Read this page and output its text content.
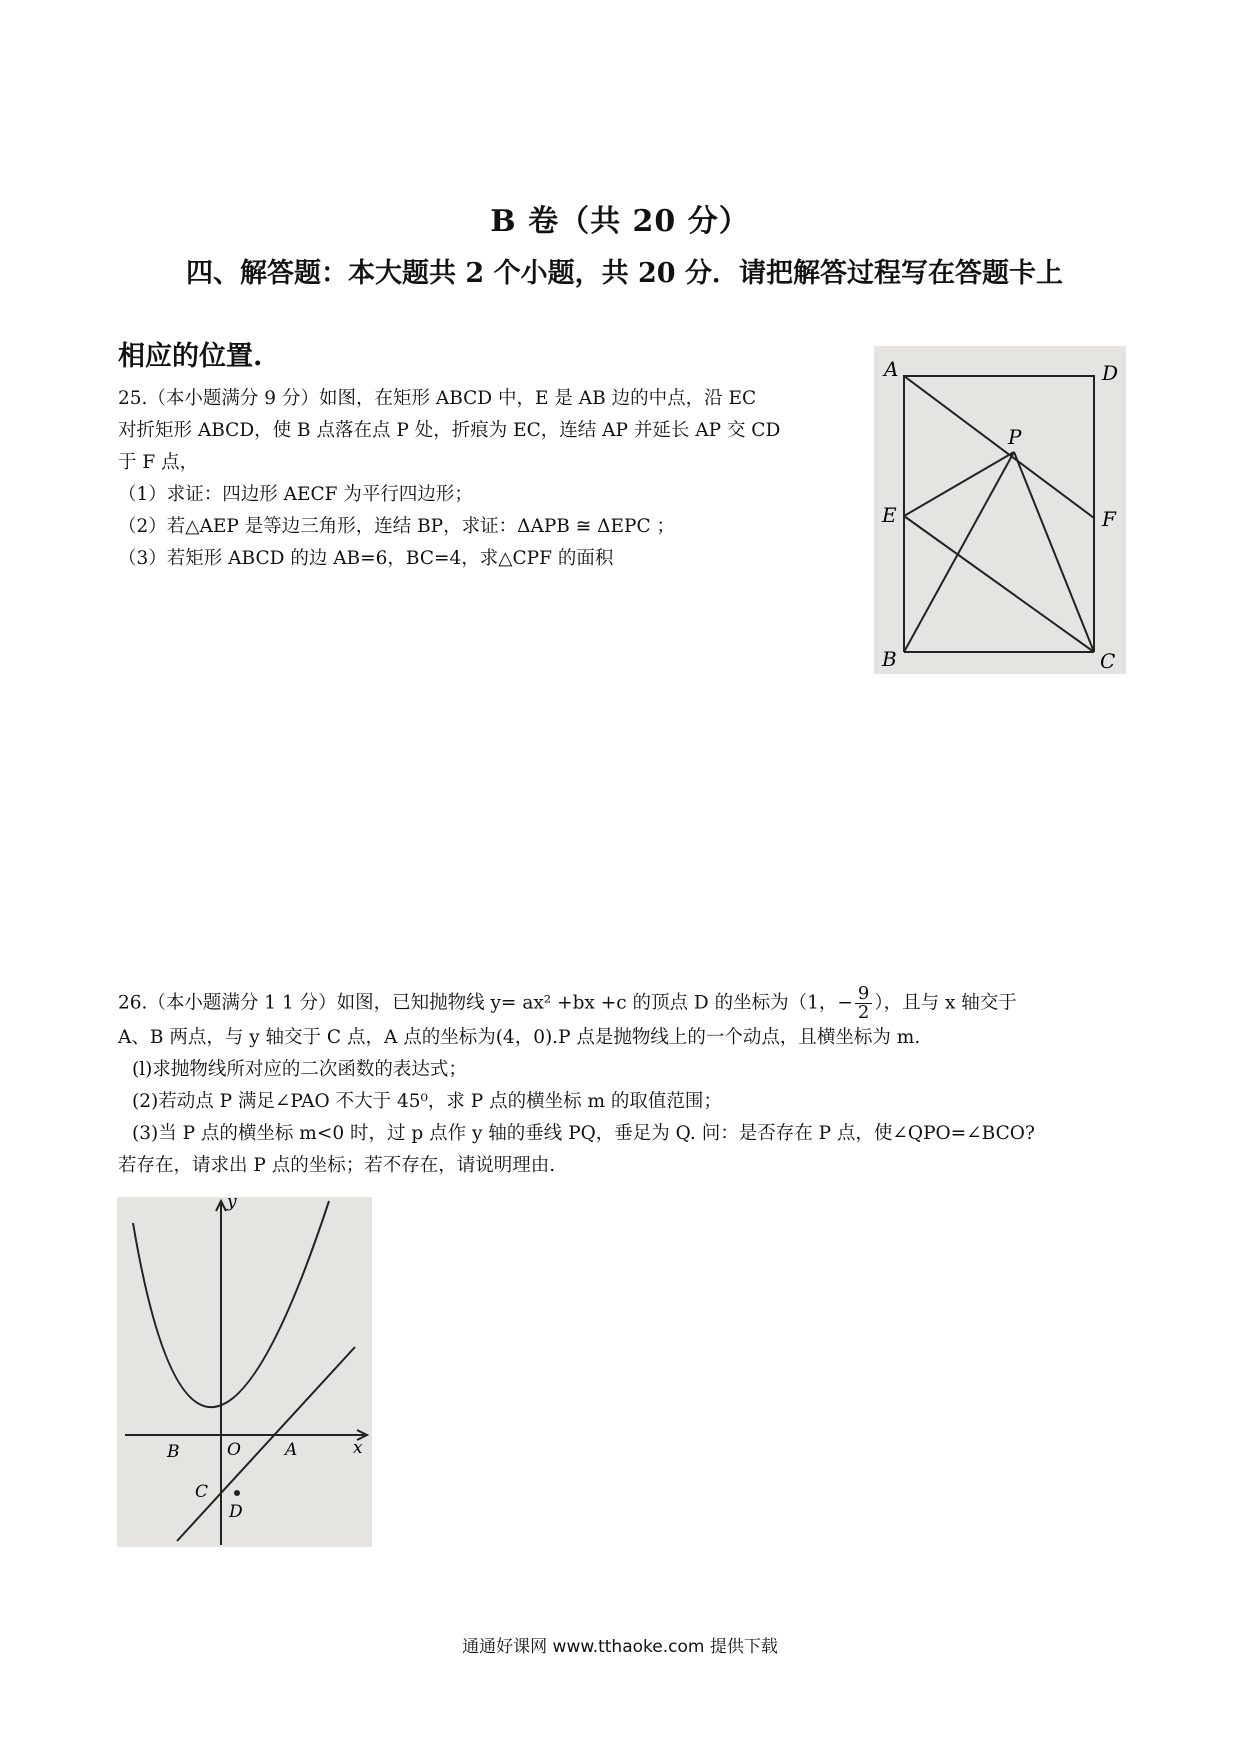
B 卷（共 20 分）
四、解答题：本大题共 2 个小题，共 20 分．请把解答过程写在答题卡上
相应的位置.
25.（本小题满分 9 分）如图，在矩形 ABCD 中，E 是 AB 边的中点，沿 EC
对折矩形 ABCD，使 B 点落在点 P 处，折痕为 EC，连结 AP 并延长 AP 交 CD
于 F 点，
（1）求证：四边形 AECF 为平行四边形；
（2）若△AEP 是等边三角形，连结 BP，求证：ΔAPB ≅ ΔEPC ；
（3）若矩形 ABCD 的边 AB=6，BC=4，求△CPF 的面积
A	D
P
E	F
B	C
26.（本小题满分 1 1 分）如图，已知抛物线 y= ax² +bx +c 的顶点 D 的坐标为（1，− $\frac{9}{2}$ ），且与 x 轴交于
A、B 两点，与 y 轴交于 C 点，A 点的坐标为(4，0).P 点是抛物线上的一个动点，且横坐标为 m.
(l)求抛物线所对应的二次函数的表达式；
(2)若动点 P 满足∠PAO 不大于 45⁰，求 P 点的横坐标 m 的取值范围；
(3)当 P 点的横坐标 m<0 时，过 p 点作 y 轴的垂线 PQ，垂足为 Q. 问：是否存在 P 点，使∠QPO=∠BCO?
若存在，请求出 P 点的坐标；若不存在，请说明理由.
y
x
O	A
B
C
D
通通好课网 www.tthaoke.com 提供下载
